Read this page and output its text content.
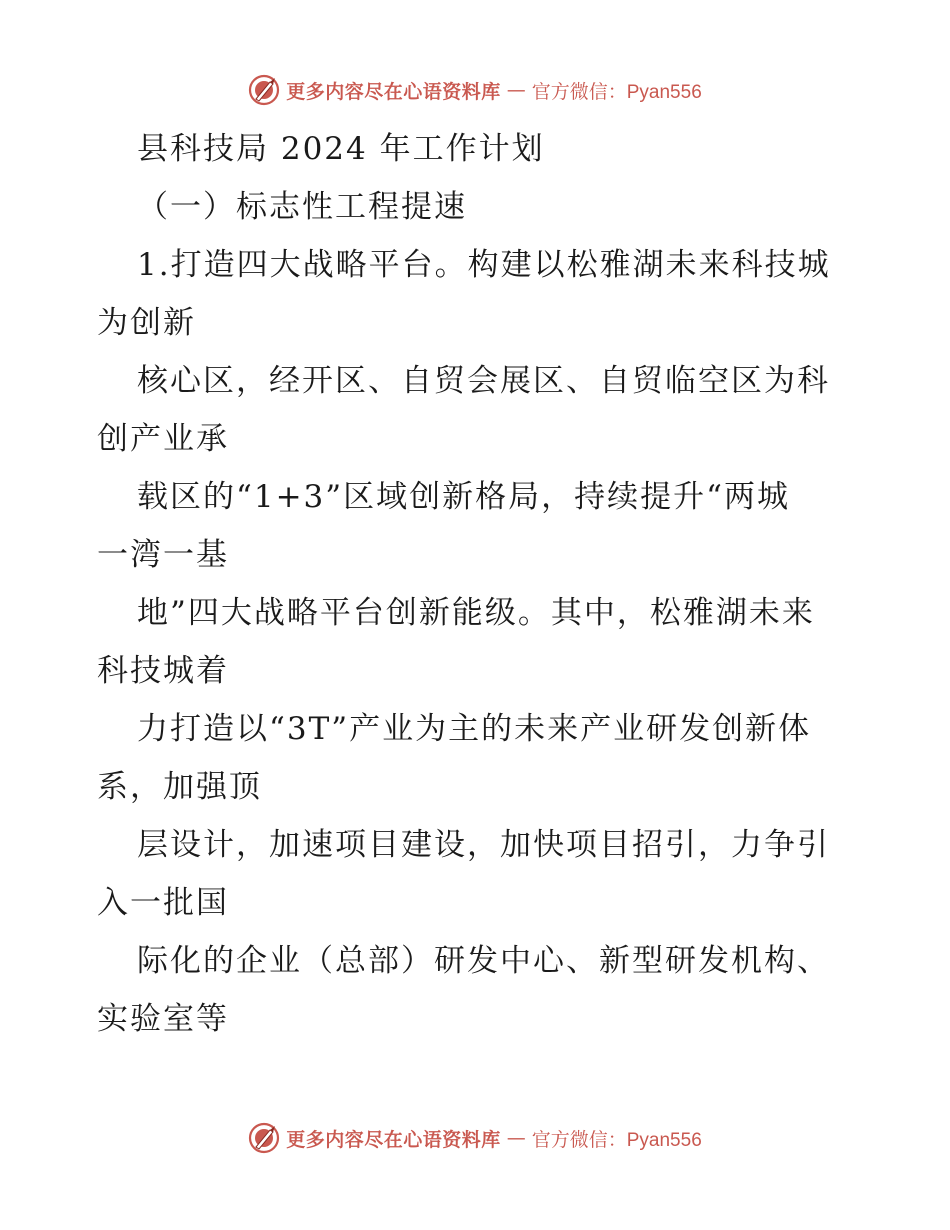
更多内容尽在心语资料库 — 官方微信：Pyan556
县科技局 2024 年工作计划
（一）标志性工程提速
1.打造四大战略平台。构建以松雅湖未来科技城
为创新
核心区，经开区、自贸会展区、自贸临空区为科
创产业承
载区的“1+3”区域创新格局，持续提升“两城
一湾一基
地”四大战略平台创新能级。其中，松雅湖未来
科技城着
力打造以“3T”产业为主的未来产业研发创新体
系，加强顶
层设计，加速项目建设，加快项目招引，力争引
入一批国
际化的企业（总部）研发中心、新型研发机构、
实验室等
更多内容尽在心语资料库 — 官方微信：Pyan556
